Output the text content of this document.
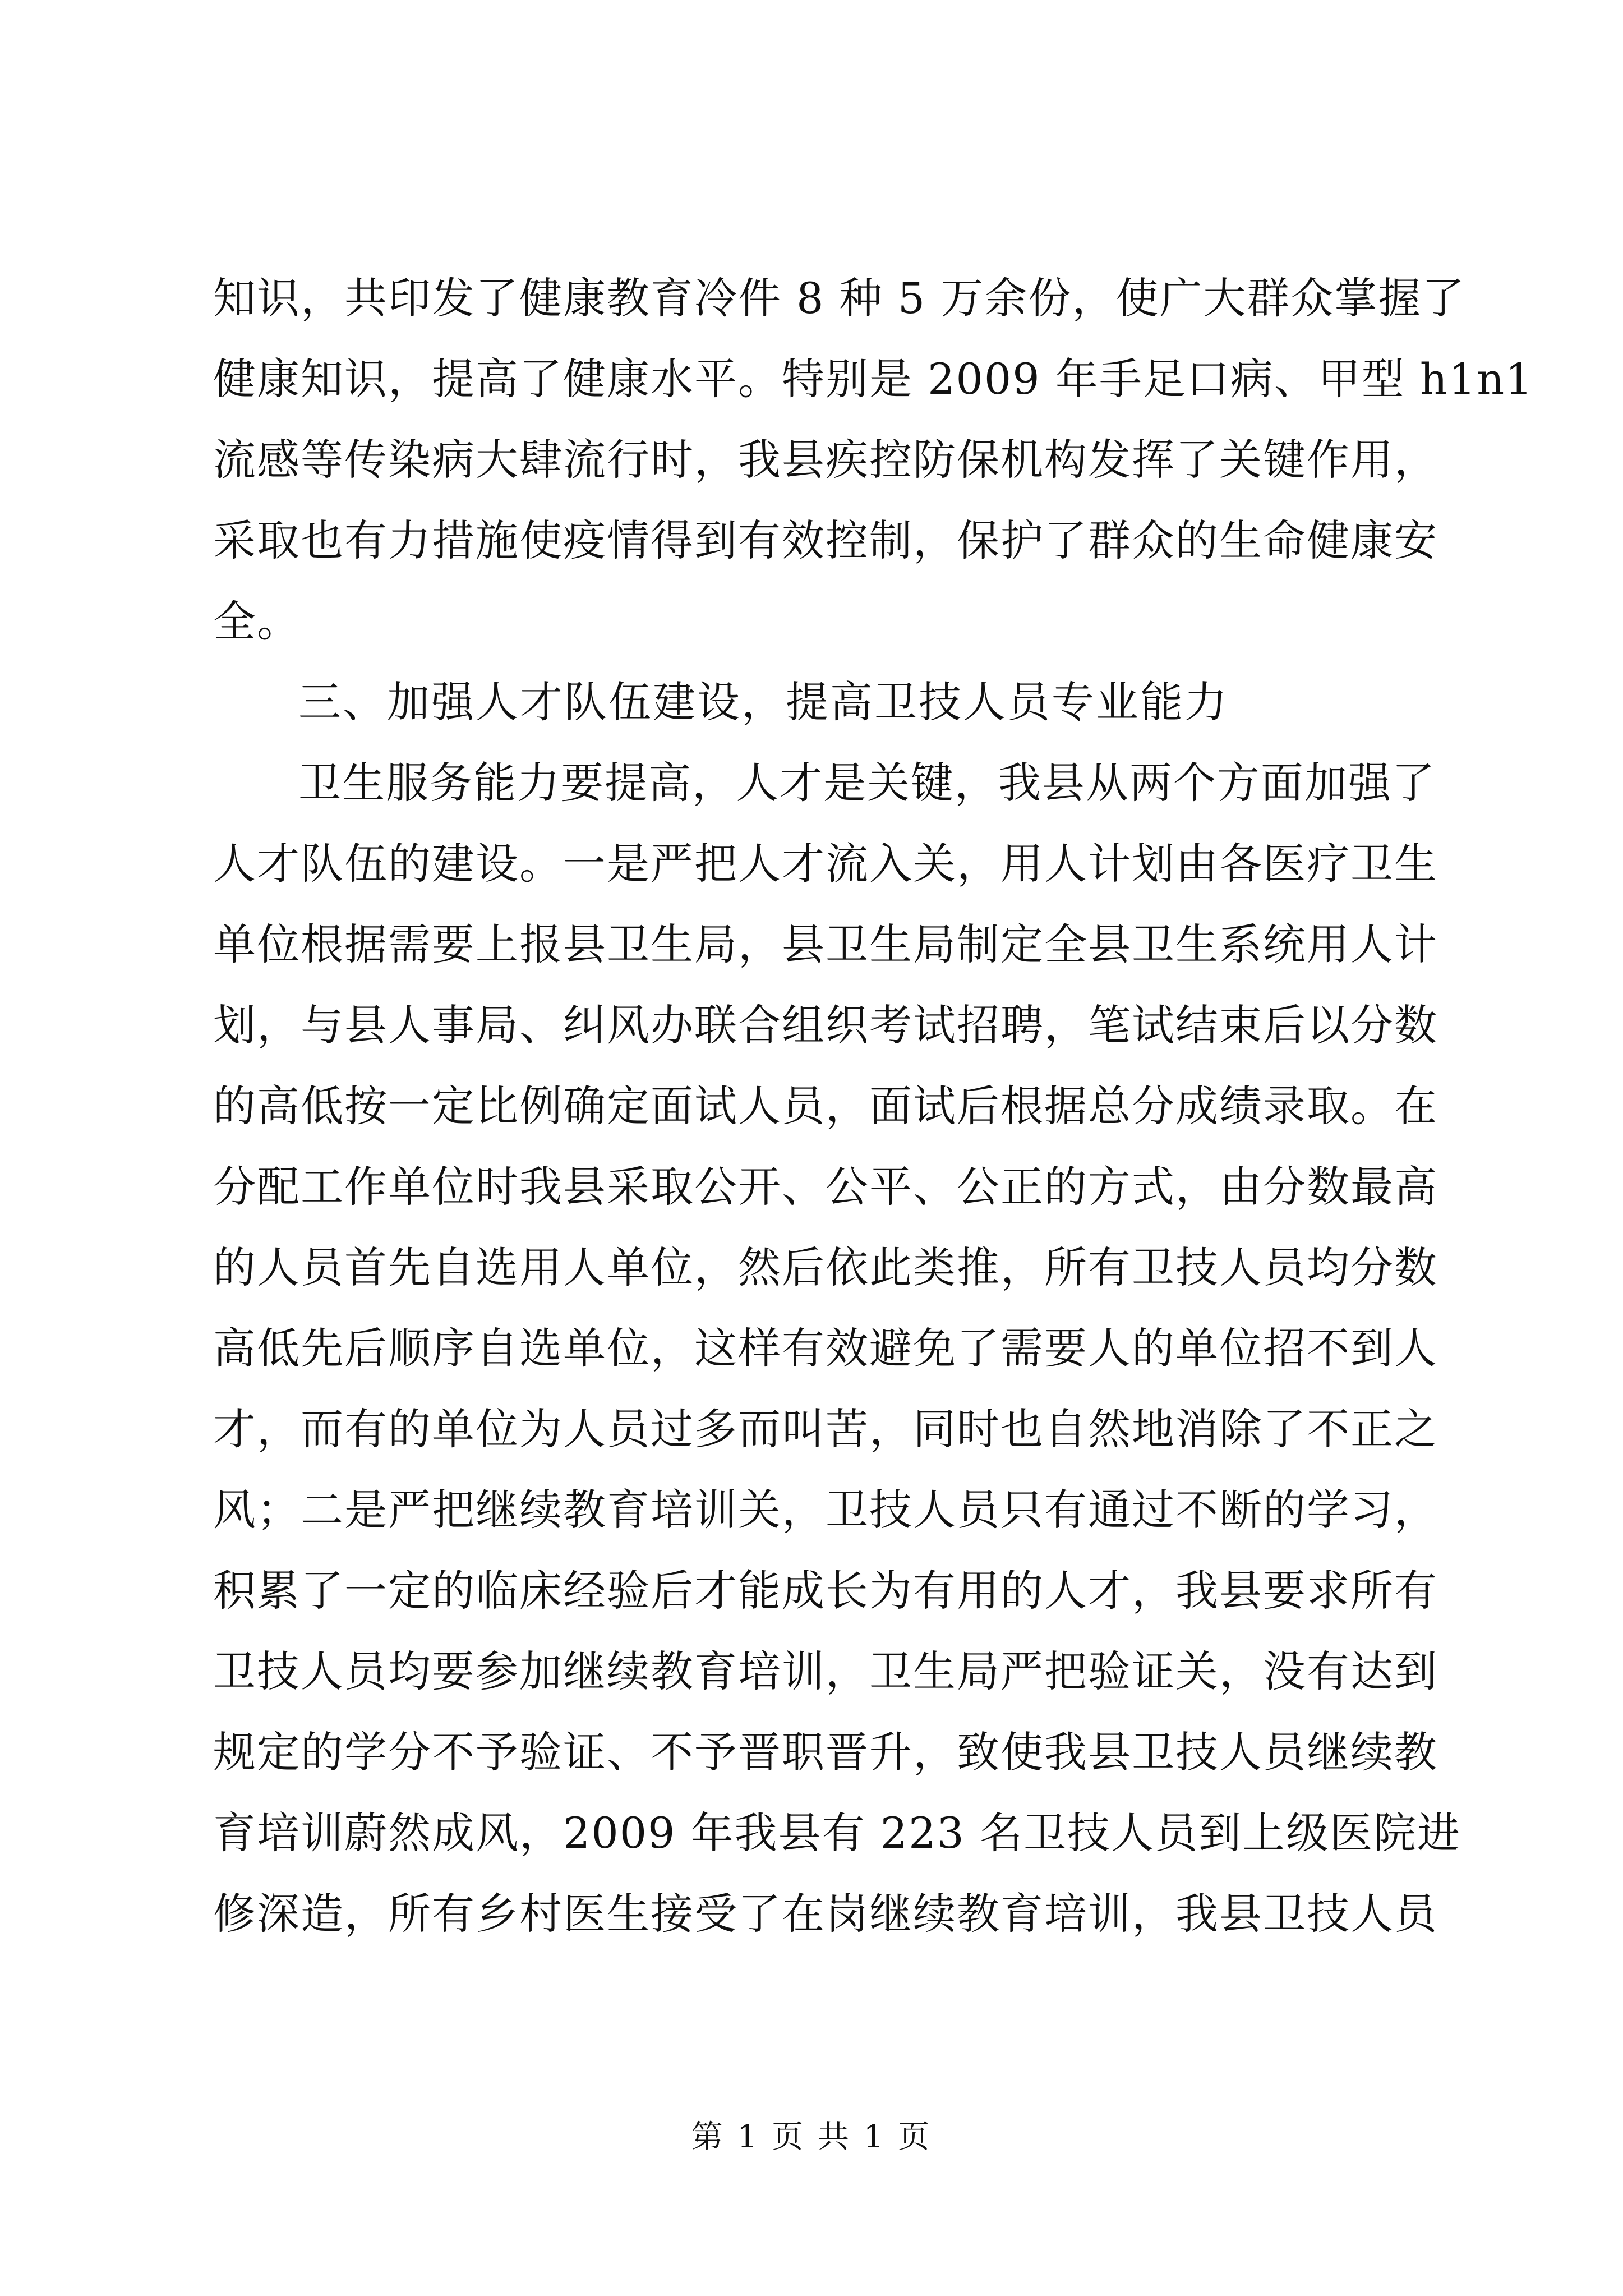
知识，共印发了健康教育冷件 8 种 5 万余份，使广大群众掌握了
健康知识，提高了健康水平。特别是 2009 年手足口病、甲型 h1n1
流感等传染病大肆流行时，我县疾控防保机构发挥了关键作用，
采取也有力措施使疫情得到有效控制，保护了群众的生命健康安
全。
三、加强人才队伍建设，提高卫技人员专业能力
卫生服务能力要提高，人才是关键，我县从两个方面加强了
人才队伍的建设。一是严把人才流入关，用人计划由各医疗卫生
单位根据需要上报县卫生局，县卫生局制定全县卫生系统用人计
划，与县人事局、纠风办联合组织考试招聘，笔试结束后以分数
的高低按一定比例确定面试人员，面试后根据总分成绩录取。在
分配工作单位时我县采取公开、公平、公正的方式，由分数最高
的人员首先自选用人单位，然后依此类推，所有卫技人员均分数
高低先后顺序自选单位，这样有效避免了需要人的单位招不到人
才，而有的单位为人员过多而叫苦，同时也自然地消除了不正之
风；二是严把继续教育培训关，卫技人员只有通过不断的学习，
积累了一定的临床经验后才能成长为有用的人才，我县要求所有
卫技人员均要参加继续教育培训，卫生局严把验证关，没有达到
规定的学分不予验证、不予晋职晋升，致使我县卫技人员继续教
育培训蔚然成风，2009 年我县有 223 名卫技人员到上级医院进
修深造，所有乡村医生接受了在岗继续教育培训，我县卫技人员
第 1 页 共 1 页
